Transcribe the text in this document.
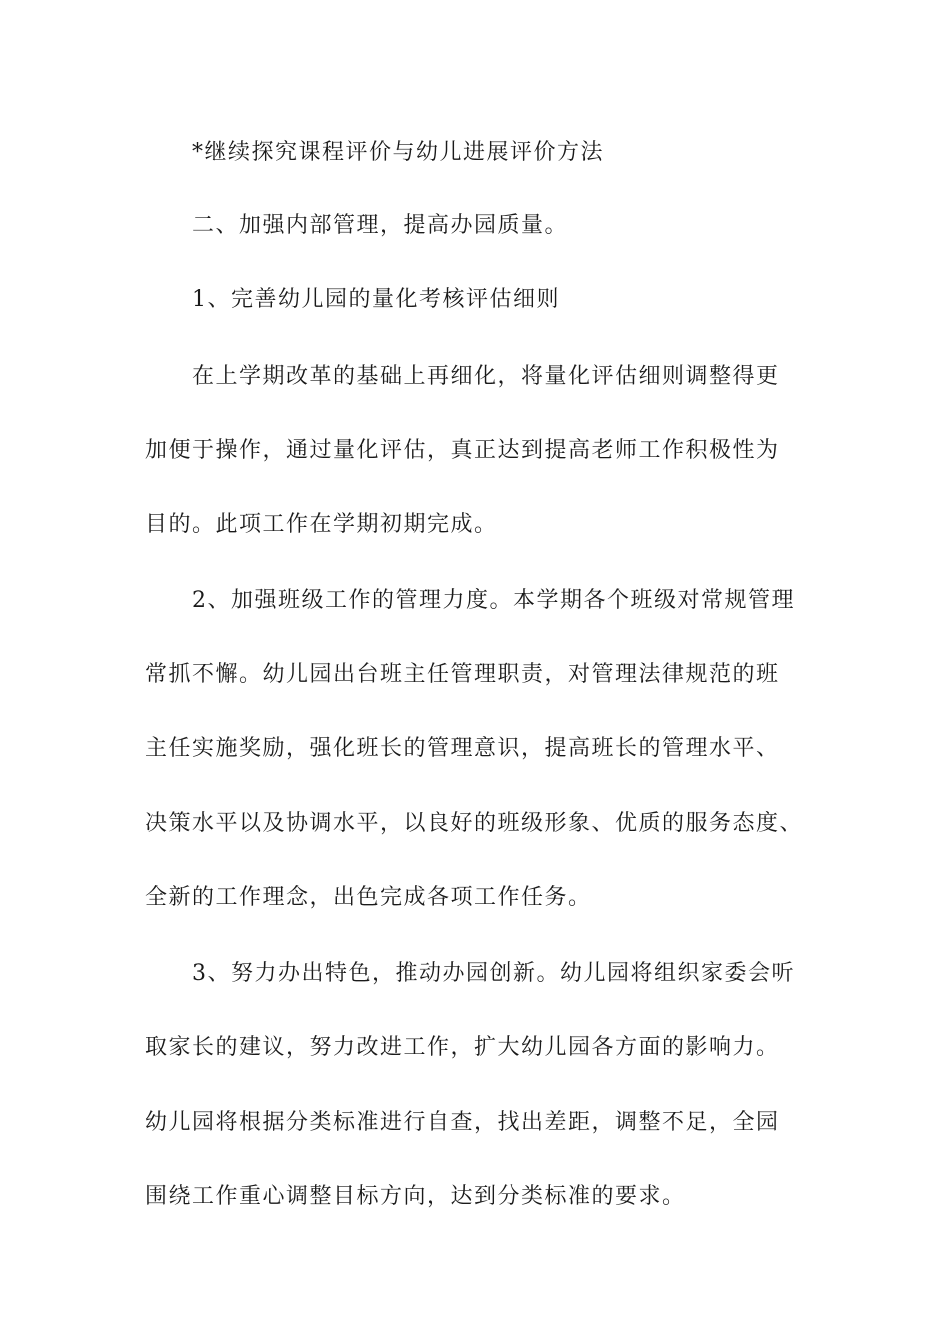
*继续探究课程评价与幼儿进展评价方法
二、加强内部管理，提高办园质量。
1、完善幼儿园的量化考核评估细则
在上学期改革的基础上再细化，将量化评估细则调整得更
加便于操作，通过量化评估，真正达到提高老师工作积极性为
目的。此项工作在学期初期完成。
2、加强班级工作的管理力度。本学期各个班级对常规管理
常抓不懈。幼儿园出台班主任管理职责，对管理法律规范的班
主任实施奖励，强化班长的管理意识，提高班长的管理水平、
决策水平以及协调水平，以良好的班级形象、优质的服务态度、
全新的工作理念，出色完成各项工作任务。
3、努力办出特色，推动办园创新。幼儿园将组织家委会听
取家长的建议，努力改进工作，扩大幼儿园各方面的影响力。
幼儿园将根据分类标准进行自查，找出差距，调整不足，全园
围绕工作重心调整目标方向，达到分类标准的要求。
